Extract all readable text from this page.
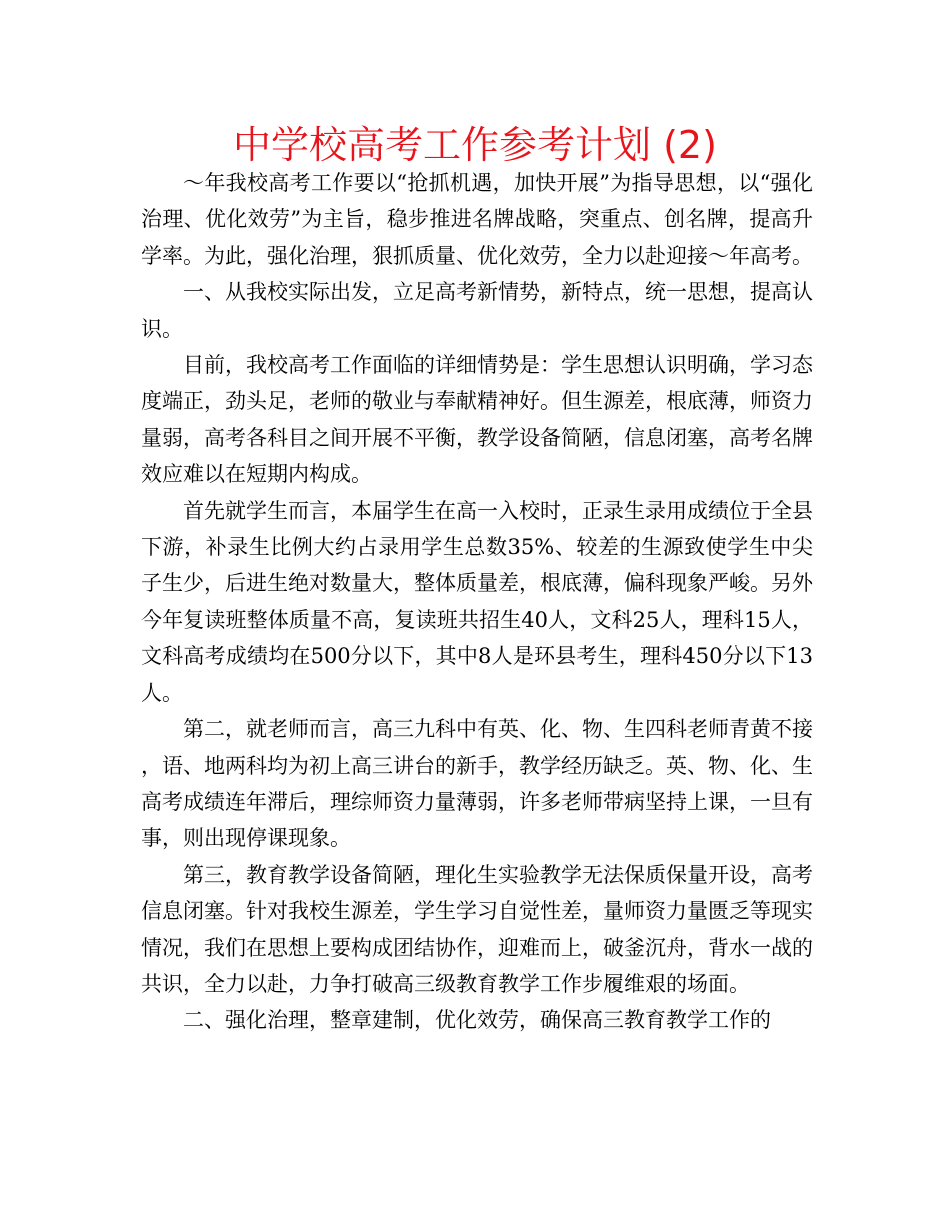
中学校高考工作参考计划 (2)

～年我校高考工作要以“抢抓机遇，加快开展”为指导思想，以“强化治理、优化效劳”为主旨，稳步推进名牌战略，突重点、创名牌，提高升学率。为此，强化治理，狠抓质量、优化效劳，全力以赴迎接～年高考。

一、从我校实际出发，立足高考新情势，新特点，统一思想，提高认识。

目前，我校高考工作面临的详细情势是：学生思想认识明确，学习态度端正，劲头足，老师的敬业与奉献精神好。但生源差，根底薄，师资力量弱，高考各科目之间开展不平衡，教学设备简陋，信息闭塞，高考名牌效应难以在短期内构成。

首先就学生而言，本届学生在高一入校时，正录生录用成绩位于全县下游，补录生比例大约占录用学生总数35%、较差的生源致使学生中尖子生少，后进生绝对数量大，整体质量差，根底薄，偏科现象严峻。另外今年复读班整体质量不高，复读班共招生40人，文科25人，理科15人，文科高考成绩均在500分以下，其中8人是环县考生，理科450分以下13人。

第二，就老师而言，高三九科中有英、化、物、生四科老师青黄不接，语、地两科均为初上高三讲台的新手，教学经历缺乏。英、物、化、生高考成绩连年滞后，理综师资力量薄弱，许多老师带病坚持上课，一旦有事，则出现停课现象。

第三，教育教学设备简陋，理化生实验教学无法保质保量开设，高考信息闭塞。针对我校生源差，学生学习自觉性差，量师资力量匮乏等现实情况，我们在思想上要构成团结协作，迎难而上，破釜沉舟，背水一战的共识，全力以赴，力争打破高三级教育教学工作步履维艰的场面。

二、强化治理，整章建制，优化效劳，确保高三教育教学工作的
